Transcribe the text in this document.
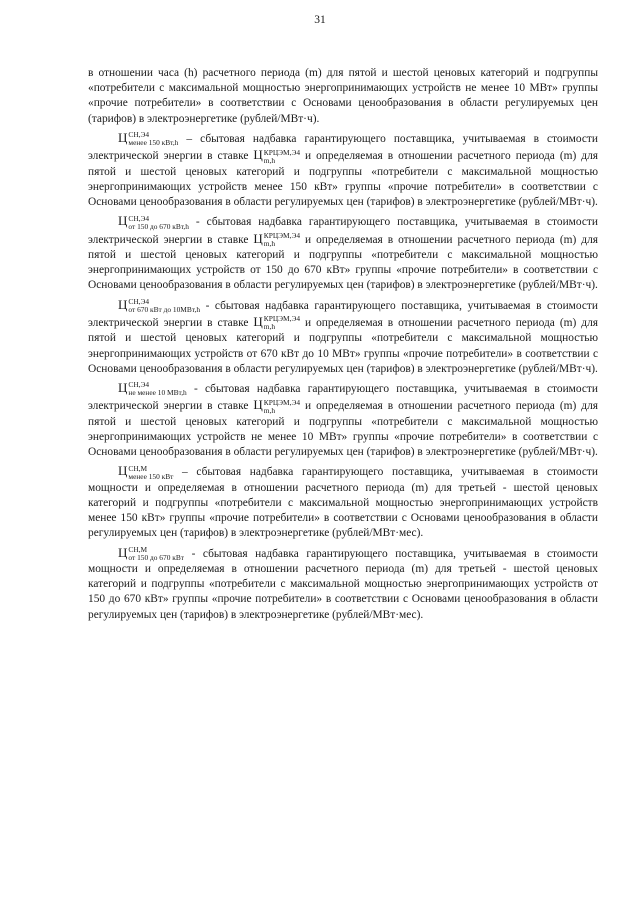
31

в отношении часа (h) расчетного периода (m) для пятой и шестой ценовых категорий и подгруппы «потребители с максимальной мощностью энергопринимающих устройств не менее 10 МВт» группы «прочие потребители» в соответствии с Основами ценообразования в области регулируемых цен (тарифов) в электроэнергетике (рублей/МВт·ч).

Ц СН,Э4
менее 150 кВт,h – сбытовая надбавка гарантирующего поставщика, учитываемая в стоимости электрической энергии в ставке Ц КРЦЭМ,Э4
m,h	и определяемая в отношении расчетного периода (m) для пятой и шестой ценовых категорий и подгруппы «потребители с максимальной мощностью энергопринимающих устройств менее 150 кВт» группы «прочие потребители» в соответствии с Основами ценообразования в области регулируемых цен (тарифов) в электроэнергетике (рублей/МВт·ч).

Ц СН,Э4
от 150 до 670 кВт,h - сбытовая надбавка гарантирующего поставщика, учитываемая в стоимости электрической энергии в ставке Ц КРЦЭМ,Э4
m,h	и определяемая в отношении расчетного периода (m) для пятой и шестой ценовых категорий и подгруппы «потребители с максимальной мощностью энергопринимающих устройств от 150 до 670 кВт» группы «прочие потребители» в соответствии с Основами ценообразования в области регулируемых цен (тарифов) в электроэнергетике (рублей/МВт·ч).

Ц СН,Э4
от 670 кВт до 10МВт,h - сбытовая надбавка гарантирующего поставщика, учитываемая в стоимости электрической энергии в ставке Ц КРЦЭМ,Э4
m,h	и определяемая в отношении расчетного периода (m) для пятой и шестой ценовых категорий и подгруппы «потребители с максимальной мощностью энергопринимающих устройств от 670 кВт до 10 МВт» группы «прочие потребители» в соответствии с Основами ценообразования в области регулируемых цен (тарифов) в электроэнергетике (рублей/МВт·ч).

Ц СН,Э4
не менее 10 МВт,h - сбытовая надбавка гарантирующего поставщика, учитываемая в стоимости электрической энергии в ставке Ц КРЦЭМ,Э4
m,h	и определяемая в отношении расчетного периода (m) для пятой и шестой ценовых категорий и подгруппы «потребители с максимальной мощностью энергопринимающих устройств не менее 10 МВт» группы «прочие потребители» в соответствии с Основами ценообразования в области регулируемых цен (тарифов) в электроэнергетике (рублей/МВт·ч).

Ц СН,М
менее 150 кВт – сбытовая надбавка гарантирующего поставщика, учитываемая в стоимости мощности и определяемая в отношении расчетного периода (m) для третьей - шестой ценовых категорий и подгруппы «потребители с максимальной мощностью энергопринимающих устройств менее 150 кВт» группы «прочие потребители» в соответствии с Основами ценообразования в области регулируемых цен (тарифов) в электроэнергетике (рублей/МВт·мес).

Ц СН,М
от 150 до 670 кВт - сбытовая надбавка гарантирующего поставщика, учитываемая в стоимости мощности и определяемая в отношении расчетного периода (m) для третьей - шестой ценовых категорий и подгруппы «потребители с максимальной мощностью энергопринимающих устройств от 150 до 670 кВт» группы «прочие потребители» в соответствии с Основами ценообразования в области регулируемых цен (тарифов) в электроэнергетике (рублей/МВт·мес).
